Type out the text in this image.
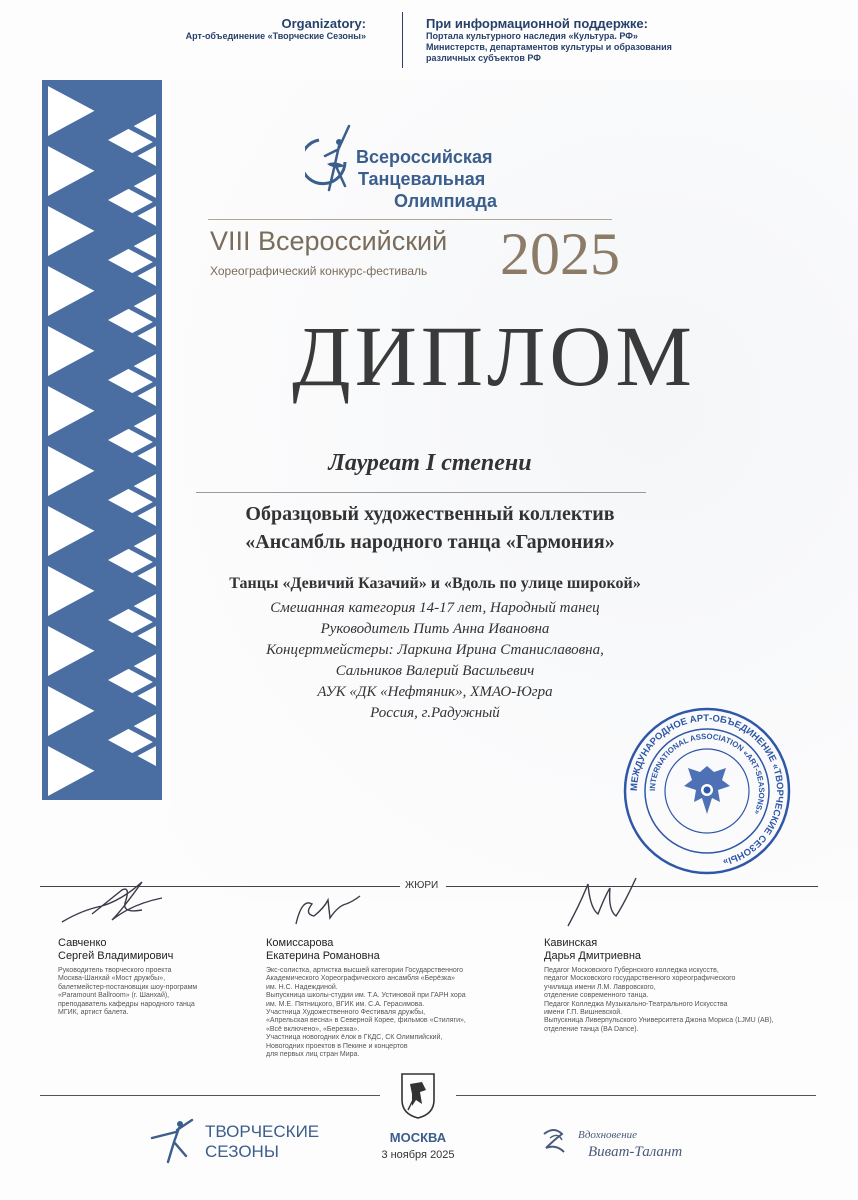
Organizatory:
Арт-объединение «Творческие Сезоны»
При информационной поддержке:
Портала культурного наследия «Культура. РФ»
Министерств, департаментов культуры и образования
различных субъектов РФ
Всероссийская
Танцевальная
Олимпиада
VIII Всероссийский
Хореографический конкурс-фестиваль 2025
ДИПЛОМ
Лауреат I степени
Образцовый художественный коллектив
«Ансамбль народного танца «Гармония»
Танцы «Девичий Казачий» и «Вдоль по улице широкой»
Смешанная категория 14-17 лет, Народный танец
Руководитель Пить Анна Ивановна
Концертмейстеры: Ларкина Ирина Станиславовна,
Сальников Валерий Васильевич
АУК «ДК «Нефтяник», ХМАО-Югра
Россия, г.Радужный
МЕЖДУНАРОДНОЕ АРТ-ОБЪЕДИНЕНИЕ «ТВОРЧЕСКИЕ СЕЗОНЫ»
INTERNATIONAL ASSOCIATION «ART-SEASONS»
ЖЮРИ
Савченко
Сергей Владимирович
Руководитель творческого проекта
Москва-Шанхай «Мост дружбы»,
балетмейстер-постановщик шоу-программ
«Paramount Ballroom» (г. Шанхай),
преподаватель кафедры народного танца
МГИК, артист балета.
Комиссарова
Екатерина Романовна
Экс-солистка, артистка высшей категории Государственного
Академического Хореографического ансамбля «Берёзка»
им. Н.С. Надеждиной.
Выпускница школы-студии им. Т.А. Устиновой при ГАРН хора
им. М.Е. Пятницкого, ВГИК им. С.А. Герасимова.
Участница Художественного Фестиваля дружбы,
«Апрельская весна» в Северной Корее, фильмов «Стиляги»,
«Всё включено», «Березка».
Участница новогодних ёлок в ГКДС, СК Олимпийский,
Новогодних проектов в Пекине и концертов
для первых лиц стран Мира.
Кавинская
Дарья Дмитриевна
Педагог Московского Губернского колледжа искусств,
педагог Московского государственного хореографического
училища имени Л.М. Лавровского,
отделение современного танца.
Педагог Колледжа Музыкально-Театрального Искусства
имени Г.П. Вишневской.
Выпускница Ливерпульского Университета Джона Мориса (LJMU (AB),
отделение танца (BA Dance).
ТВОРЧЕСКИЕ
СЕЗОНЫ
МОСКВА
3 ноября 2025
Вдохновение
Виват-Талант
